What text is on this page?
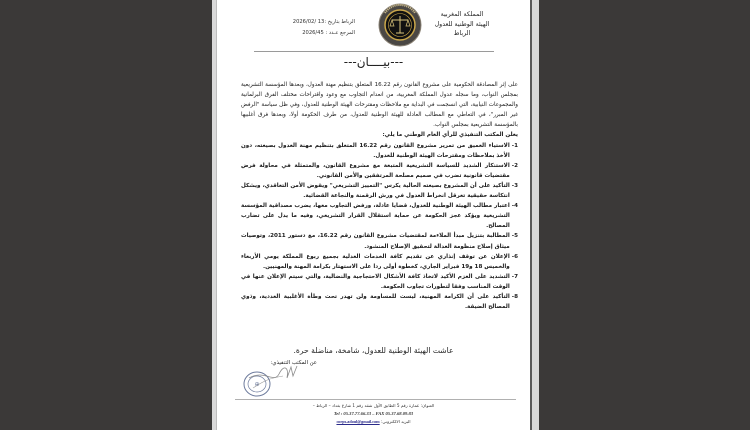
المملكة المغربية
الهيئة الوطنية للعدول
الرباط
الرباط بتاريخ :13 /2026/02
المرجع عـدد : 2026/45
---بيــــان---

على إثر المصادقة الحكومية على مشروع القانون رقم 16.22 المتعلق بتنظيم مهنة العدول، وبعدها المؤسسة التشريعية بمجلس النواب، وما سجله عدول المملكة المغربية، من انعدام التجاوب مع وعود واقتراحات مختلف الفرق البرلمانية والمجموعات النيابية، التي انسجمت في البداية مع ملاحظات ومقترحات الهيئة الوطنية للعدول، وفي ظل سياسة "الرفض غير المبرر"، في التعاطي مع المطالب العادلة للهيئة الوطنية للعدول، من طرف الحكومة أولا، وبعدها فرق أغلبيها بالمؤسسة التشريعية بمجلس النواب.

يعلن المكتب التنفيذي للرأي العام الوطني ما يلي:

1-
الاستياء العميق من تمرير مشروع القانون رقم 16.22 المتعلق بتنظيم مهنة العدول بصيغته، دون الأخذ بملاحظات ومقترحات الهيئة الوطنية للعدول.
2-
الاستنكار الشديد للسياسة التشريعية المتبعة مع مشروع القانون، والمتمثلة في محاولة فرض مقتضيات قانونية تضرب في صميم مصلحة المرتفقين والأمن القانوني.
3-
التأكيد على أن المشروع بصيغته الحالية يكرس "التمييز التشريعي" ويقوض الأمن التعاقدي، ويشكل انتكاسة حقيقية تعرقل انخراط العدول في ورش الرقمنة والنجاعة القضائية.
4-
اعتبار مطالب الهيئة الوطنية للعدول، قضايا عادلة، ورفض التجاوب معها، يضرب مصداقية المؤسسة التشريعية ويؤكد عجز الحكومة عن حماية استقلال القرار التشريعي، وفيه ما يدل على تضارب المصالح.
5-
المطالبة بتنزيل مبدأ الملاءمة لمقتضيات مشروع القانون رقم 16.22، مع دستور 2011، وتوصيات ميثاق إصلاح منظومة العدالة لتحقيق الإصلاح المنشود.
6-
الإعلان عن توقف إنذاري عن تقديم كافة الخدمات العدلية بجميع ربوع المملكة يومي الأربعاء والخميس 18 و19 فبراير الجاري، كخطوة أولى ردا على الاستهتار بكرامة المهنة والمهنيين.
7-
التشديد على العزم الأكيد لاتخاذ كافة الأشكال الاحتجاجية والنضالية، والتي سيتم الإعلان عنها في الوقت المناسب وفقا لتطورات تجاوب الحكومة.
8-
التأكيد على أن الكرامة المهنية، ليست للمساومة ولن تهدر تحت وطأة الأغلبية العددية، وذوي المصالح الضيقة.
عاشت الهيئة الوطنية للعدول، شامخة، مناضلة حرة.
عن المكتب التنفيذي:
⊕
العنوان: عمارة رقم 5 الطابق الأول شقة رقم 1 شارع بغداد – الرباط –
Tel : 05.37.77.66.33 – FAX 05.37.68.09.83
البريد الالكتروني: corps.adoul@gmail.com
